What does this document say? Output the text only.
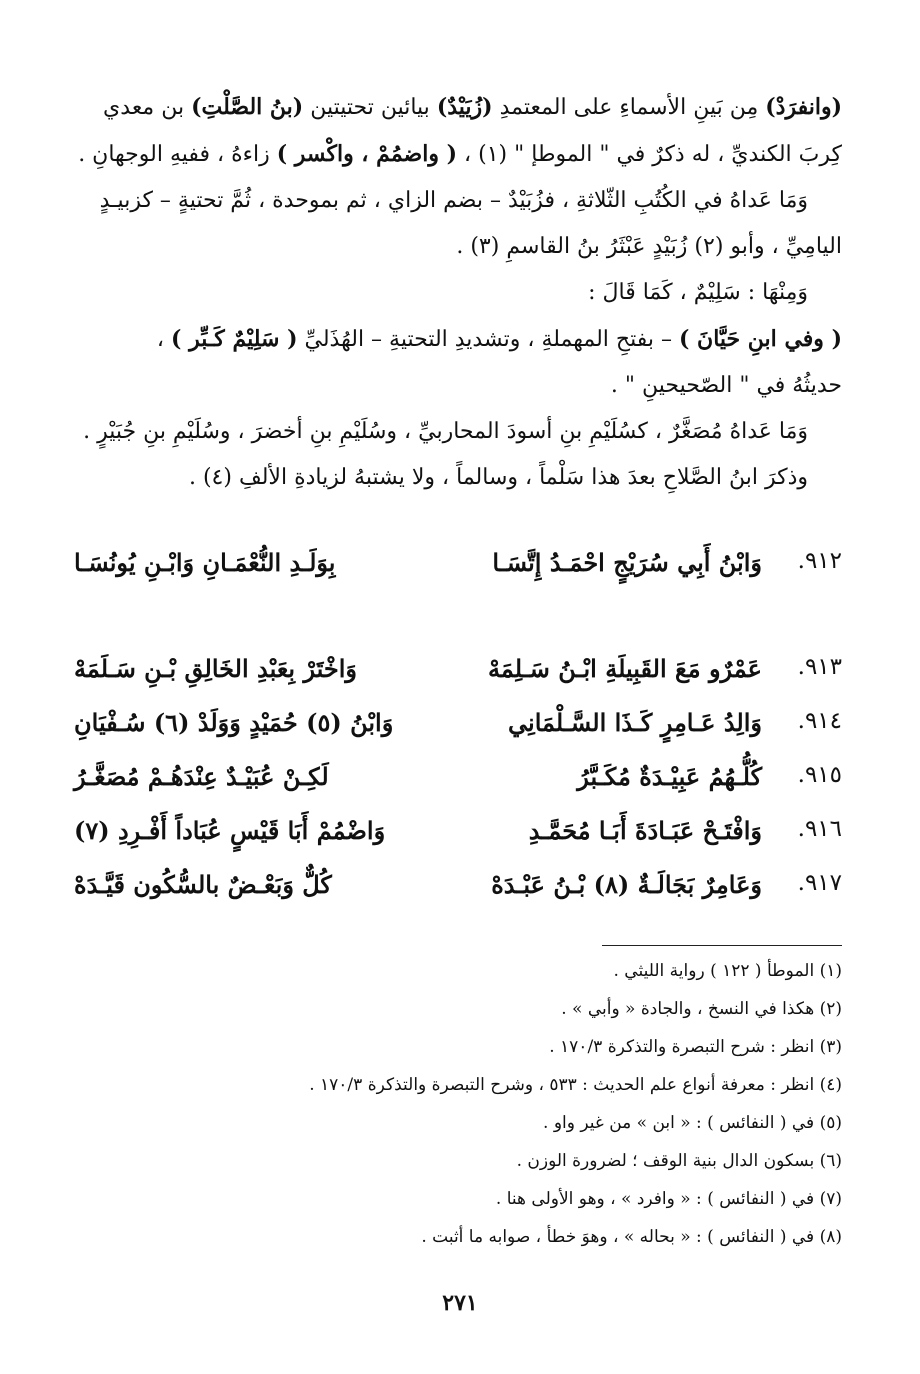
(وانفرَدْ) مِن بَينِ الأسماءِ على المعتمدِ (زُيَيْدٌ) بيائين تحتيتين (بنُ الصَّلْتِ) بن معدي
كِربَ الكنديِّ ، له ذكرٌ في " الموطإ " (١) ، ( واضمُمْ ، واكْسر ) زاءهُ ، ففيهِ الوجهانِ .
وَمَا عَداهُ في الكُتُبِ الثّلاثةِ ، فزُبَيْدٌ – بضم الزاي ، ثم بموحدة ، ثُمَّ تحتيةٍ – كزبيـدٍ
اليامِيِّ ، وأبو (٢) زُبَيْدٍ عَبْثَرُ بنُ القاسمِ (٣) .
وَمِنْهَا : سَلِيْمٌ ، كَمَا قَالَ :
( وفي ابنِ حَيَّانَ ) – بفتحِ المهملةِ ، وتشديدِ التحتيةِ – الهُذَليِّ ( سَلِيْمٌ كَـبِّر ) ،
حديثُهُ في " الصّحيحينِ " .
وَمَا عَداهُ مُصَغَّرٌ ، كسُلَيْمِ بنِ أسودَ المحاربيِّ ، وسُلَيْمِ بنِ أخضرَ ، وسُلَيْمِ بنِ جُبَيْرٍ .
وذكرَ ابنُ الصَّلاحِ بعدَ هذا سَلْماً ، وسالماً ، ولا يشتبهُ لزيادةِ الألفِ (٤) .
٩١٢.
وَابْنُ أَبِي سُرَيْجٍ احْمَـدُ إِتَّسَـا
بِوَلَـدِ النُّعْمَـانِ وَابْـنِ يُونُسَـا
٩١٣.
عَمْرٌو مَعَ القَبِيلَةِ ابْـنُ سَـلِمَهْ
وَاخْتَرْ بِعَبْدِ الخَالِقِ بْـنِ سَـلَمَهْ
٩١٤.
وَالِدُ عَـامِرٍ كَـذَا السَّـلْمَانِي
وَابْنُ (٥) حُمَيْدٍ وَوَلَدْ (٦) سُـفْيَانِ
٩١٥.
كُلُّـهُمُ عَبِيْـدَةٌ مُكَـبَّرُ
لَكِـنْ عُبَيْـدٌ عِنْدَهُـمْ مُصَغَّـرُ
٩١٦.
وَافْتَـحْ عَبَـادَةَ أَبَـا مُحَمَّـدِ
وَاضْمُمْ أَبَا قَيْسٍ عُبَاداً أَفْـرِدِ (٧)
٩١٧.
وَعَامِرٌ بَجَالَـةٌ (٨) بْـنُ عَبْـدَهْ
كُلٌّ وَبَعْـضٌ بالسُّكُون قَيَّـدَهْ
(١) الموطأ ( ١٢٢ ) رواية الليثي .
(٢) هكذا في النسخ ، والجادة « وأبي » .
(٣) انظر : شرح التبصرة والتذكرة ١٧٠/٣ .
(٤) انظر : معرفة أنواع علم الحديث : ٥٣٣ ، وشرح التبصرة والتذكرة ١٧٠/٣ .
(٥) في ( النفائس ) : « ابن » من غير واو .
(٦) بسكون الدال بنية الوقف ؛ لضرورة الوزن .
(٧) في ( النفائس ) : « وافرد » ، وهو الأولى هنا .
(٨) في ( النفائس ) : « بحاله » ، وهوَ خطأ ، صوابه ما أثبت .
٢٧١
